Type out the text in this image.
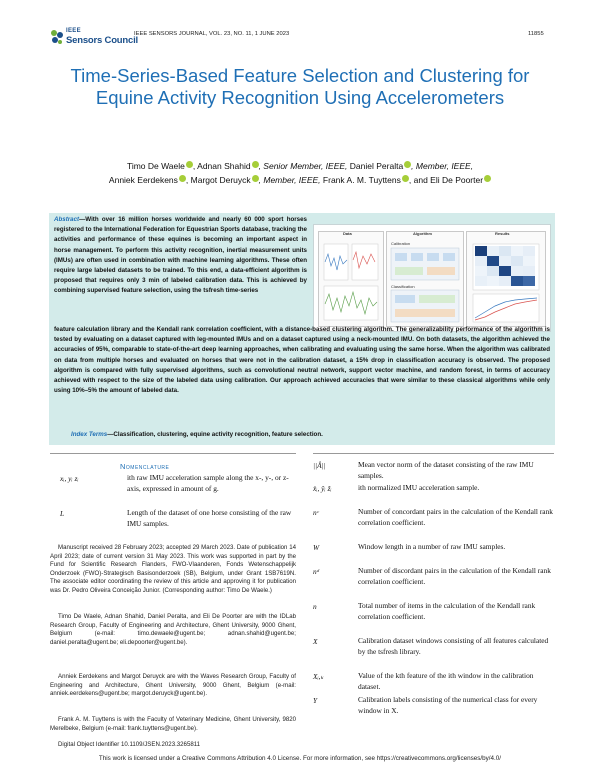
IEEE
Sensors Council
IEEE SENSORS JOURNAL, VOL. 23, NO. 11, 1 JUNE 2023	11855
Time-Series-Based Feature Selection and Clustering for Equine Activity Recognition Using Accelerometers
Timo De Waele , Adnan Shahid , Senior Member, IEEE, Daniel Peralta , Member, IEEE,
Anniek Eerdekens , Margot Deruyck , Member, IEEE, Frank A. M. Tuyttens , and Eli De Poorter
Abstract—With over 16 million horses worldwide and nearly 60 000 sport horses registered to the International Federation for Equestrian Sports database, tracking the activities and performance of these equines is becoming an important aspect in horse management. To perform this activity recognition, inertial measurement units (IMUs) are often used in combination with machine learning algorithms. These often require large labeled datasets to be trained. To this end, a data-efficient algorithm is proposed that requires only 3 min of labeled calibration data. This is achieved by combining supervised feature selection, using the tsfresh time-series
Data	Algorithm
Calibration
Classification
Results
feature calculation library and the Kendall rank correlation coefficient, with a distance-based clustering algorithm. The generalizability performance of the algorithm is tested by evaluating on a dataset captured with leg-mounted IMUs and on a dataset captured using a neck-mounted IMU. On both datasets, the algorithm achieved the accuracies of 95%, comparable to state-of-the-art deep learning approaches, when calibrating and evaluating using the same horse. When the algorithm was calibrated on data from multiple horses and evaluated on horses that were not in the calibration dataset, a 15% drop in classification accuracy is observed. The proposed algorithm is compared with fully supervised algorithms, such as convolutional neutral network, support vector machine, and random forest, in terms of accuracy achieved with respect to the size of the labeled data using calibration. Our approach achieved accuracies that were similar to these classical algorithms while only using 10%–5% the amount of labeled data.
Index Terms—Classification, clustering, equine activity recognition, feature selection.
Nomenclature
xᵢ, yᵢ zᵢ	ith raw IMU acceleration sample along the x-, y-, or z-axis, expressed in amount of g.
L	Length of the dataset of one horse consisting of the raw IMU samples.
||Â||	Mean vector norm of the dataset consisting of the raw IMU samples.
x̂ᵢ, ŷᵢ ẑᵢ	ith normalized IMU acceleration sample.
nᶜ	Number of concordant pairs in the calculation of the Kendall rank correlation coefficient.
W	Window length in a number of raw IMU samples.
nᵈ	Number of discordant pairs in the calculation of the Kendall rank correlation coefficient.
n	Total number of items in the calculation of the Kendall rank correlation coefficient.
X	Calibration dataset windows consisting of all features calculated by the tsfresh library.
Xᵢ,ₖ	Value of the kth feature of the ith window in the calibration dataset.
Y	Calibration labels consisting of the numerical class for every window in X.
Manuscript received 28 February 2023; accepted 29 March 2023. Date of publication 14 April 2023; date of current version 31 May 2023. This work was supported in part by the Fund for Scientific Research Flanders, FWO-Vlaanderen, Fonds Wetenschappelijk Onderzoek (FWO)-Strategisch Basisonderzoek (SB), Belgium, under Grant 1SB7619N. The associate editor coordinating the review of this article and approving it for publication was Dr. Pedro Oliveira Conceição Junior. (Corresponding author: Timo De Waele.)
Timo De Waele, Adnan Shahid, Daniel Peralta, and Eli De Poorter are with the IDLab Research Group, Faculty of Engineering and Architecture, Ghent University, 9000 Ghent, Belgium (e-mail: timo.dewaele@ugent.be; adnan.shahid@ugent.be; daniel.peralta@ugent.be; eli.depoorter@ugent.be).
Anniek Eerdekens and Margot Deruyck are with the Waves Research Group, Faculty of Engineering and Architecture, Ghent University, 9000 Ghent, Belgium (e-mail: anniek.eerdekens@ugent.be; margot.deruyck@ugent.be).
Frank A. M. Tuyttens is with the Faculty of Veterinary Medicine, Ghent University, 9820 Merelbeke, Belgium (e-mail: frank.tuyttens@ugent.be).
Digital Object Identifier 10.1109/JSEN.2023.3265811
This work is licensed under a Creative Commons Attribution 4.0 License. For more information, see https://creativecommons.org/licenses/by/4.0/
